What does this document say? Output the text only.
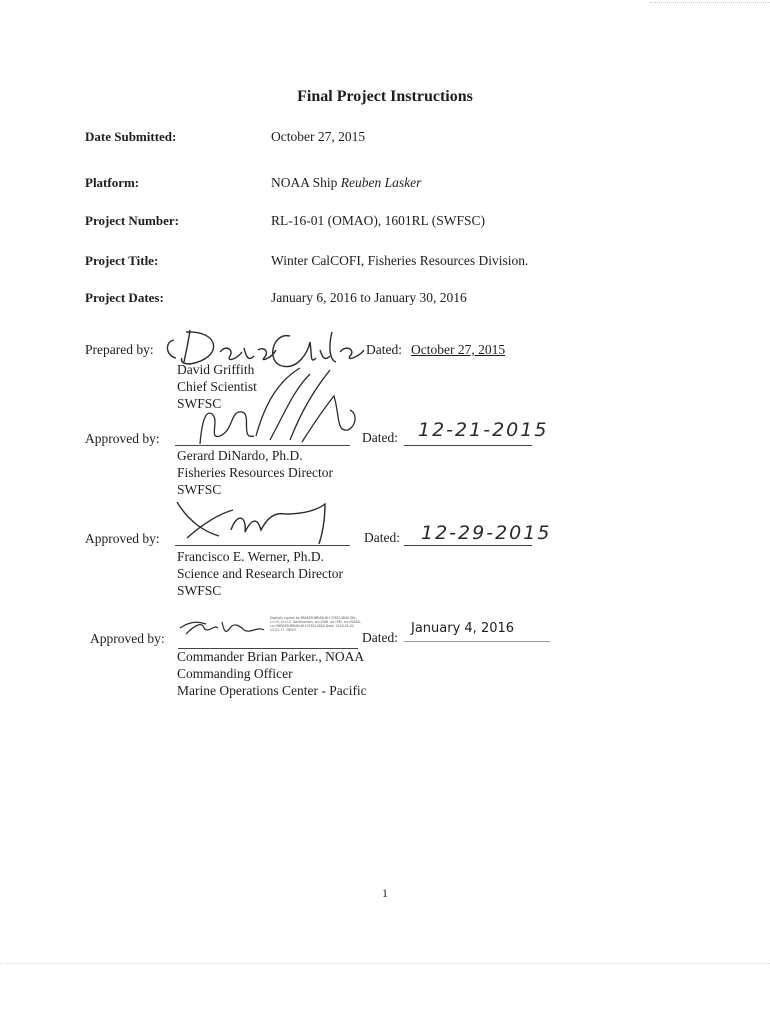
Final Project Instructions
Date Submitted:	October 27, 2015
Platform:	NOAA Ship Reuben Lasker
Project Number:	RL-16-01 (OMAO), 1601RL (SWFSC)
Project Title:	Winter CalCOFI, Fisheries Resources Division.
Project Dates:	January 6, 2016 to January 30, 2016
Prepared by:
David Griffith
Chief Scientist
SWFSC
Dated: October 27, 2015
Approved by:
Gerard DiNardo, Ph.D.
Fisheries Resources Director
SWFSC
Dated: 12-21-2015
Approved by:
Francisco E. Werner, Ph.D.
Science and Research Director
SWFSC
Dated: 12-29-2015
Approved by:
Digitally signed by PARKER.BRIAN.W.1376214840 DN: c=US, o=U.S. Government, ou=DoD, ou=PKI, ou=NOAA, cn=PARKER.BRIAN.W.1376214840 Date: 2016.01.04 13:21:17 -08'00'
Commander Brian Parker., NOAA
Commanding Officer
Marine Operations Center - Pacific
Dated:
January 4, 2016
1
